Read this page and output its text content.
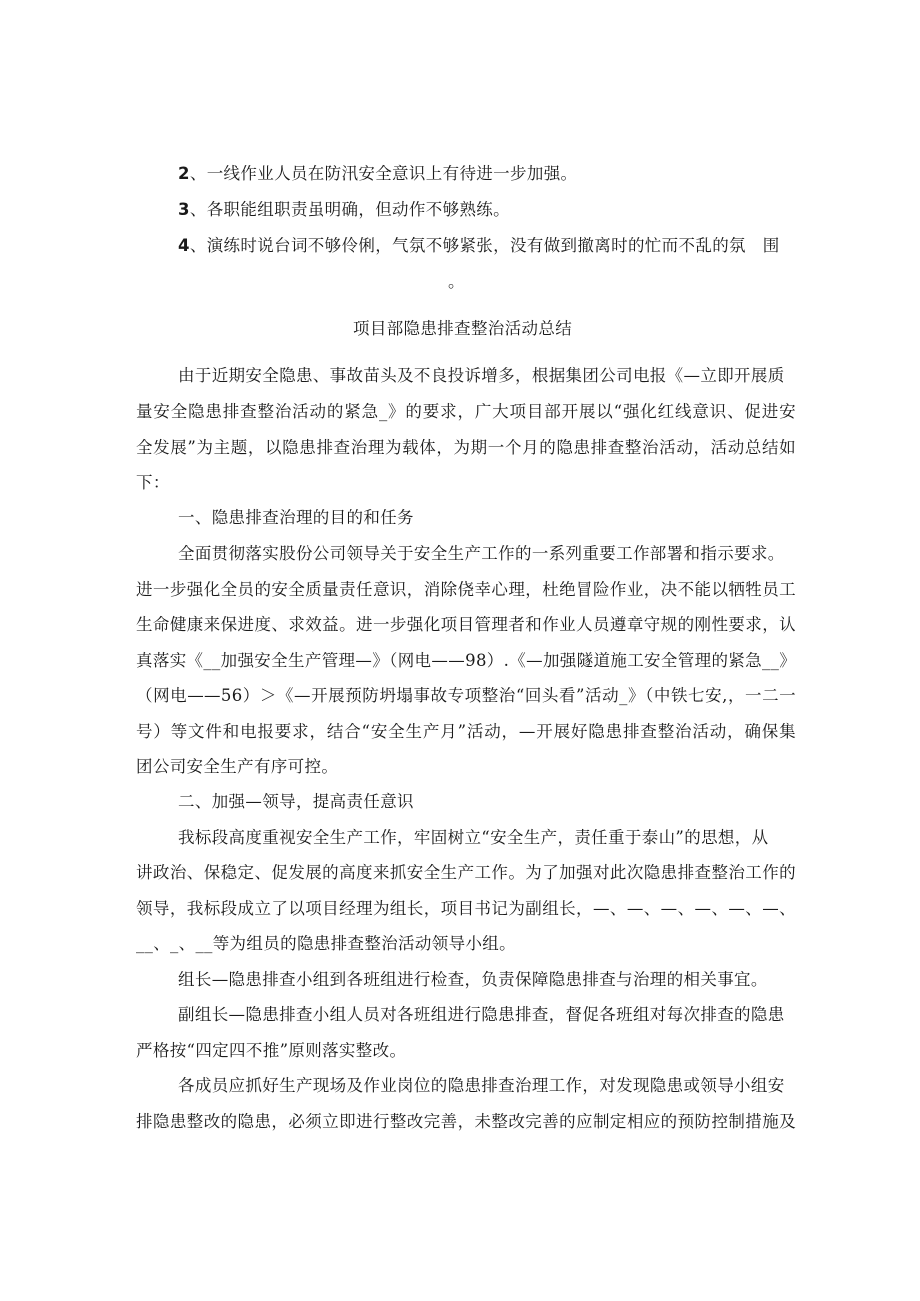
2、一线作业人员在防汛安全意识上有待进一步加强。
3、各职能组职责虽明确，但动作不够熟练。
4、演练时说台词不够伶俐，气氛不够紧张，没有做到撤离时的忙而不乱的氛　围
。
项目部隐患排查整治活动总结
由于近期安全隐患、事故苗头及不良投诉增多，根据集团公司电报《—立即开展质
量安全隐患排查整治活动的紧急_》的要求，广大项目部开展以“强化红线意识、促进安
全发展”为主题，以隐患排查治理为载体，为期一个月的隐患排查整治活动，活动总结如
下：
一、隐患排查治理的目的和任务
全面贯彻落实股份公司领导关于安全生产工作的一系列重要工作部署和指示要求。
进一步强化全员的安全质量责任意识，消除侥幸心理，杜绝冒险作业，决不能以牺牲员工
生命健康来保进度、求效益。进一步强化项目管理者和作业人员遵章守规的刚性要求，认
真落实《__加强安全生产管理—》（网电——98）.《—加强隧道施工安全管理的紧急__》
（网电——56）＞《—开展预防坍塌事故专项整治“回头看”活动_》（中铁七安,，一二一
号）等文件和电报要求，结合“安全生产月”活动，—开展好隐患排查整治活动，确保集
团公司安全生产有序可控。
二、加强—领导，提高责任意识
我标段高度重视安全生产工作，牢固树立“安全生产，责任重于泰山”的思想，从
讲政治、保稳定、促发展的高度来抓安全生产工作。为了加强对此次隐患排查整治工作的
领导，我标段成立了以项目经理为组长，项目书记为副组长，—、—、—、—、—、—、
__、_、__等为组员的隐患排查整治活动领导小组。
组长—隐患排查小组到各班组进行检查，负责保障隐患排查与治理的相关事宜。
副组长—隐患排查小组人员对各班组进行隐患排查，督促各班组对每次排查的隐患
严格按“四定四不推”原则落实整改。
各成员应抓好生产现场及作业岗位的隐患排查治理工作，对发现隐患或领导小组安
排隐患整改的隐患，必须立即进行整改完善，未整改完善的应制定相应的预防控制措施及
